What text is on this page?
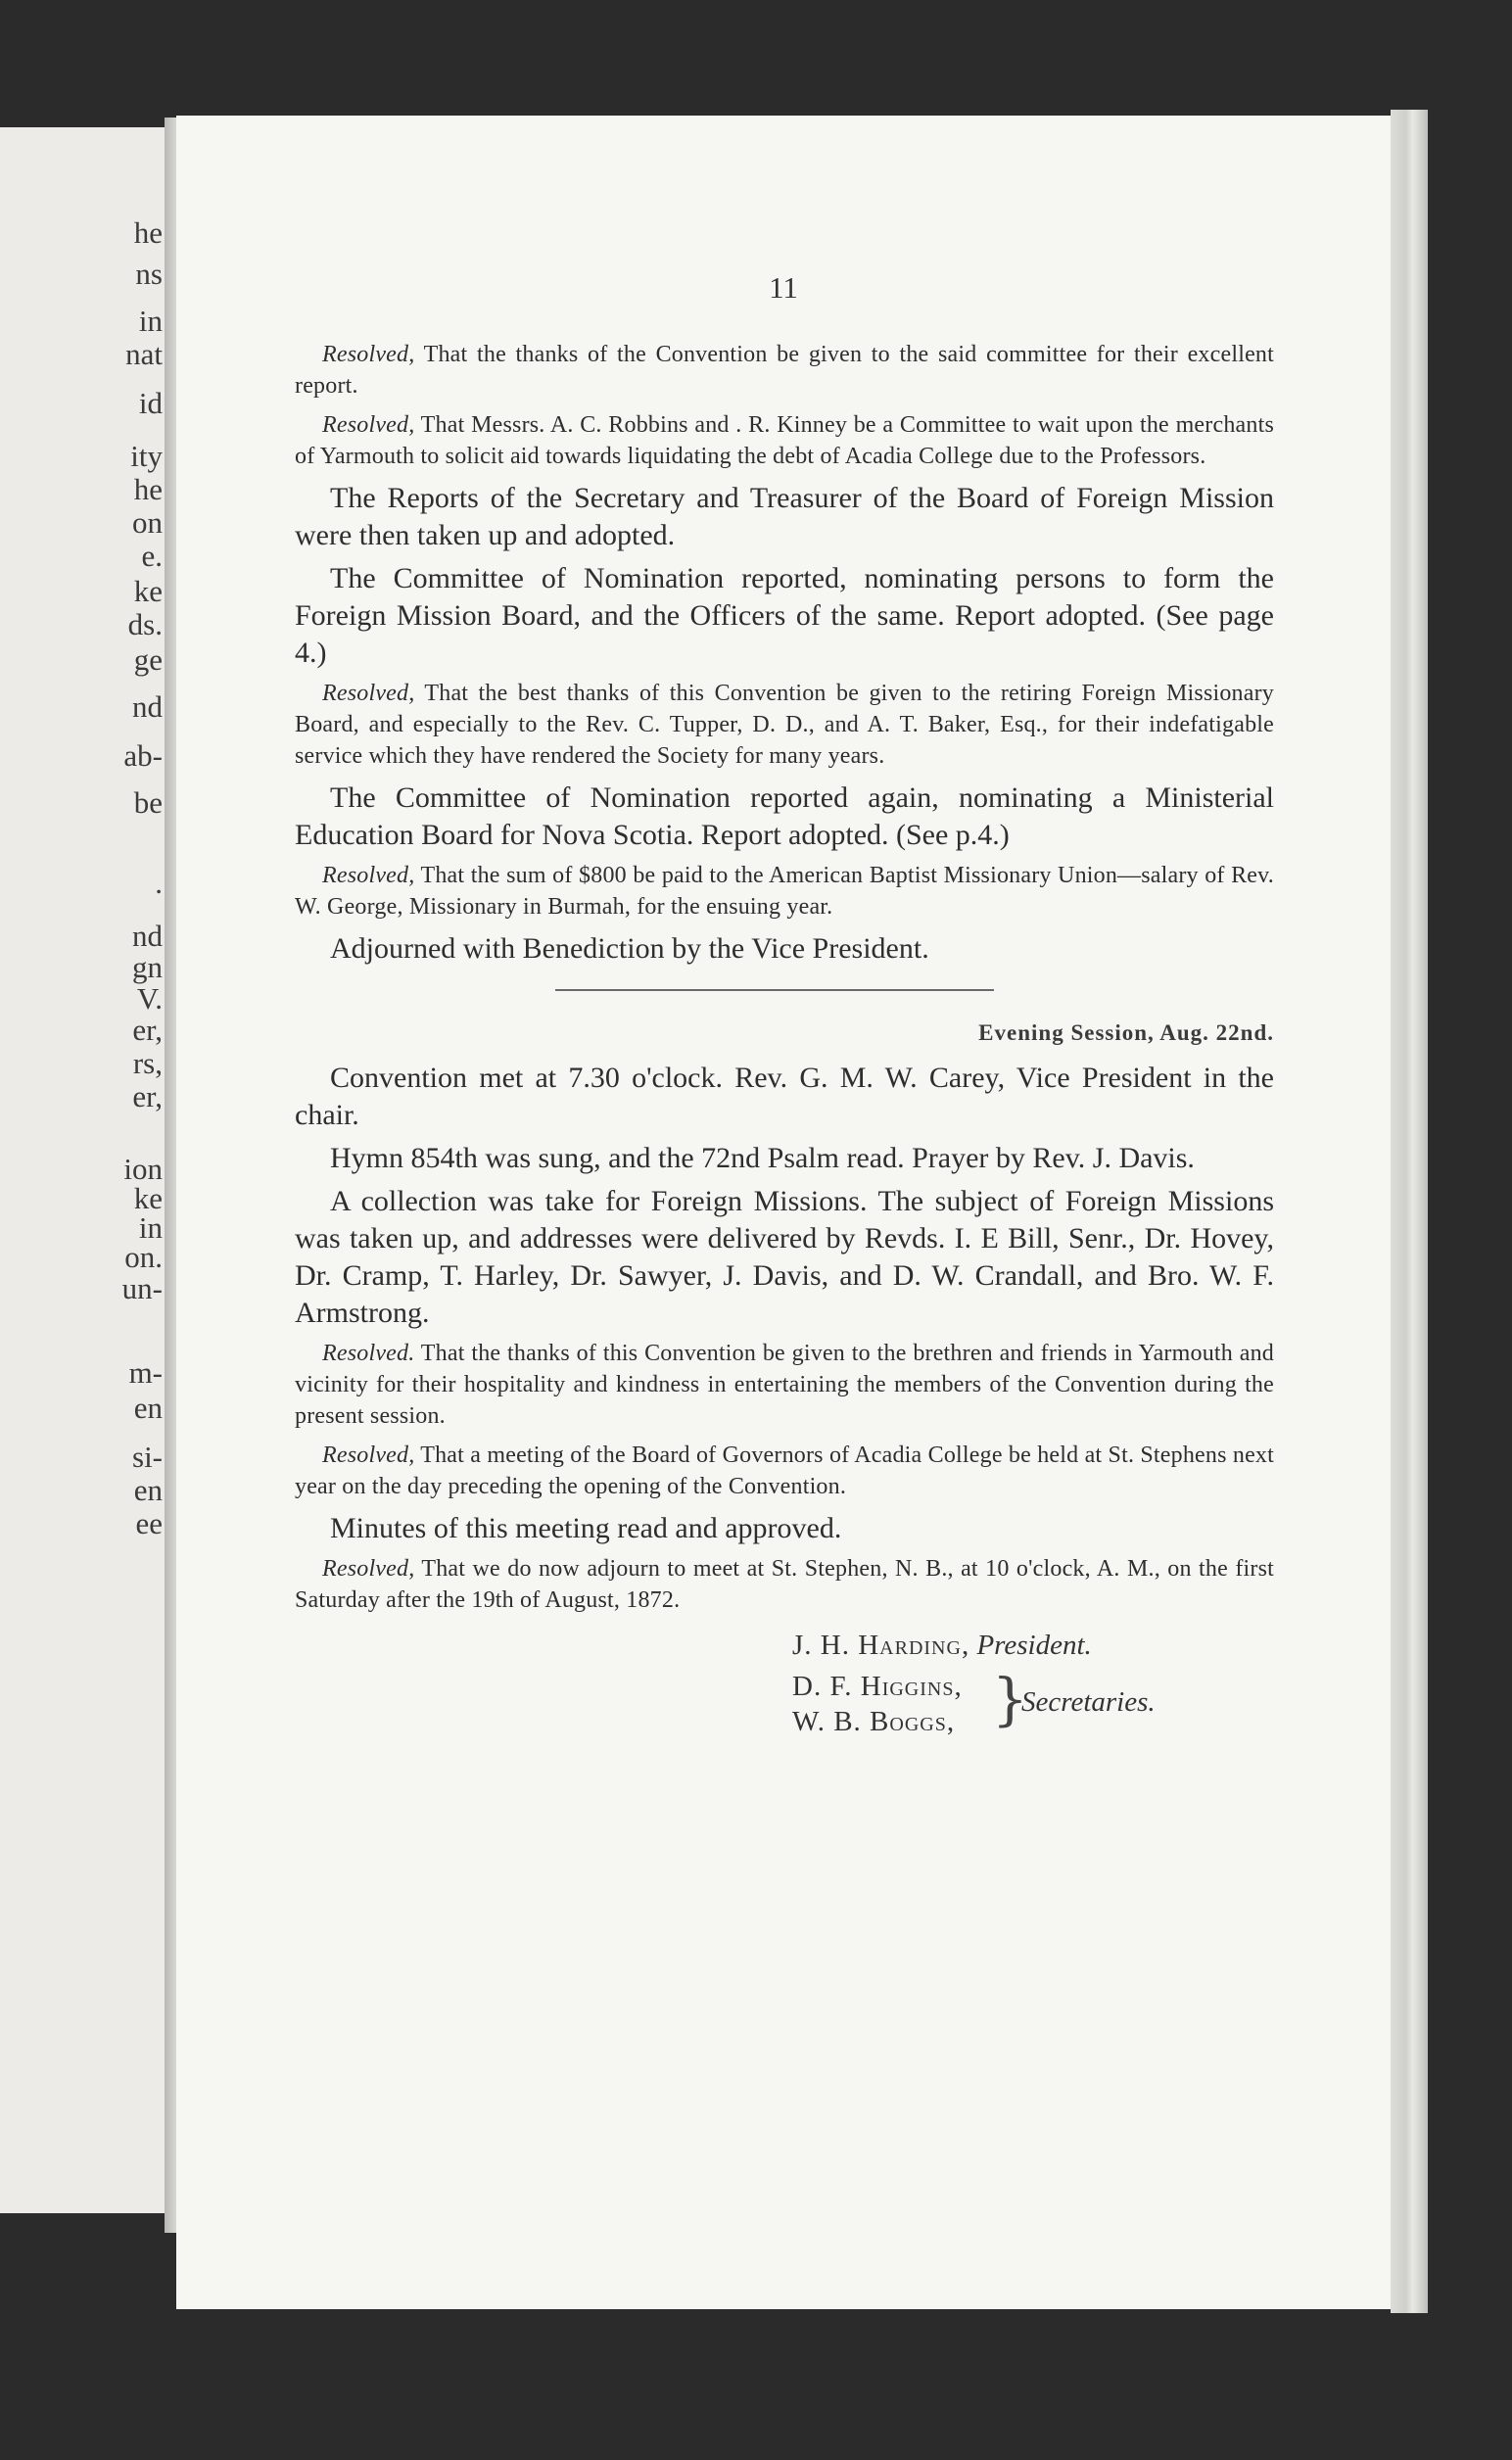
he
ns
in
nat
id
ity
he
on
e.
ke
ds.
ge
nd
ab-
be
.
nd
gn
V.
er,
rs,
er,
ion
ke
in
on.
un-
m-
en
si-
en
ee
11

Resolved, That the thanks of the Convention be given to the said committee for their excellent report.

Resolved, That Messrs. A. C. Robbins and . R. Kinney be a Committee to wait upon the merchants of Yarmouth to solicit aid towards liquidating the debt of Acadia College due to the Professors.

The Reports of the Secretary and Treasurer of the Board of Foreign Mission were then taken up and adopted.

The Committee of Nomination reported, nominating persons to form the Foreign Mission Board, and the Officers of the same. Report adopted. (See page 4.)

Resolved, That the best thanks of this Convention be given to the retiring Foreign Missionary Board, and especially to the Rev. C. Tupper, D. D., and A. T. Baker, Esq., for their indefatigable service which they have rendered the Society for many years.

The Committee of Nomination reported again, nominating a Ministerial Education Board for Nova Scotia. Report adopted. (See p.4.)

Resolved, That the sum of $800 be paid to the American Baptist Missionary Union—salary of Rev. W. George, Missionary in Burmah, for the ensuing year.

Adjourned with Benediction by the Vice President.

Evening Session, Aug. 22nd.

Convention met at 7.30 o'clock. Rev. G. M. W. Carey, Vice President in the chair.

Hymn 854th was sung, and the 72nd Psalm read. Prayer by Rev. J. Davis.

A collection was take for Foreign Missions. The subject of Foreign Missions was taken up, and addresses were delivered by Revds. I. E Bill, Senr., Dr. Hovey, Dr. Cramp, T. Harley, Dr. Sawyer, J. Davis, and D. W. Crandall, and Bro. W. F. Armstrong.

Resolved. That the thanks of this Convention be given to the brethren and friends in Yarmouth and vicinity for their hospitality and kindness in entertaining the members of the Convention during the present session.

Resolved, That a meeting of the Board of Governors of Acadia College be held at St. Stephens next year on the day preceding the opening of the Convention.

Minutes of this meeting read and approved.

Resolved, That we do now adjourn to meet at St. Stephen, N. B., at 10 o'clock, A. M., on the first Saturday after the 19th of August, 1872.

J. H. Harding, President.
D. F. Higgins,
W. B. Boggs, }
Secretaries.
